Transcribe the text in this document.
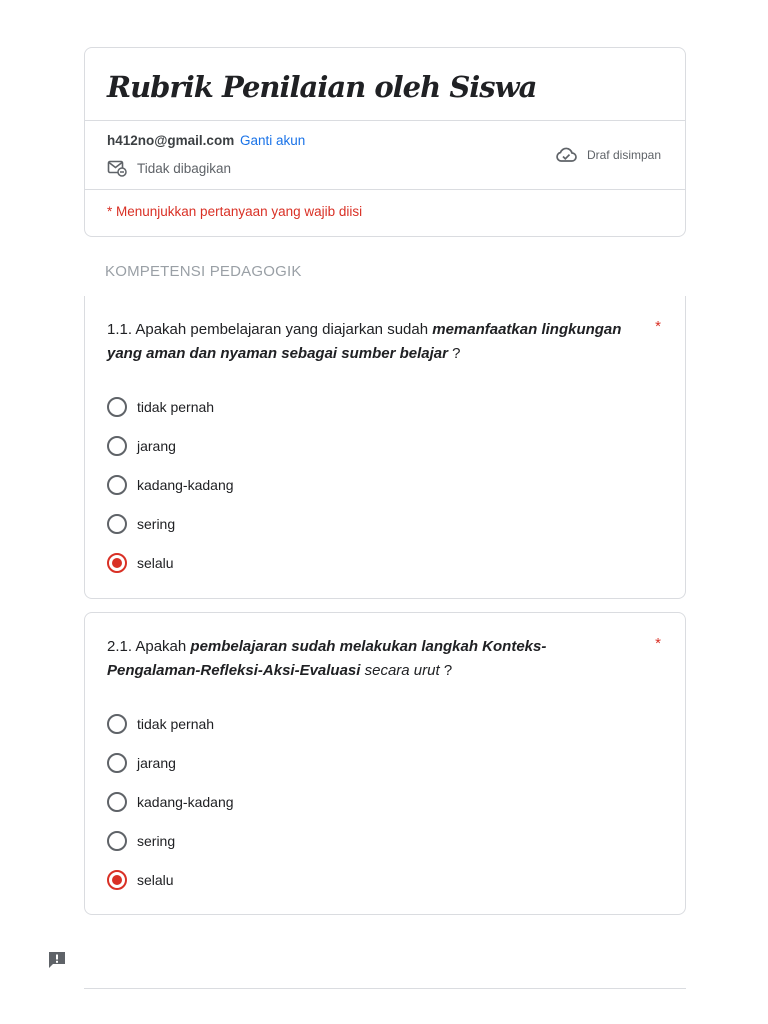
Rubrik Penilaian oleh Siswa
h412no@gmail.com Ganti akun
Tidak dibagikan
Draf disimpan
* Menunjukkan pertanyaan yang wajib diisi
KOMPETENSI PEDAGOGIK
1.1. Apakah pembelajaran yang diajarkan sudah memanfaatkan lingkungan yang aman dan nyaman sebagai sumber belajar ?
*
tidak pernah
jarang
kadang-kadang
sering
selalu
2.1. Apakah pembelajaran sudah melakukan langkah Konteks-Pengalaman-Refleksi-Aksi-Evaluasi secara urut ?
*
tidak pernah
jarang
kadang-kadang
sering
selalu
